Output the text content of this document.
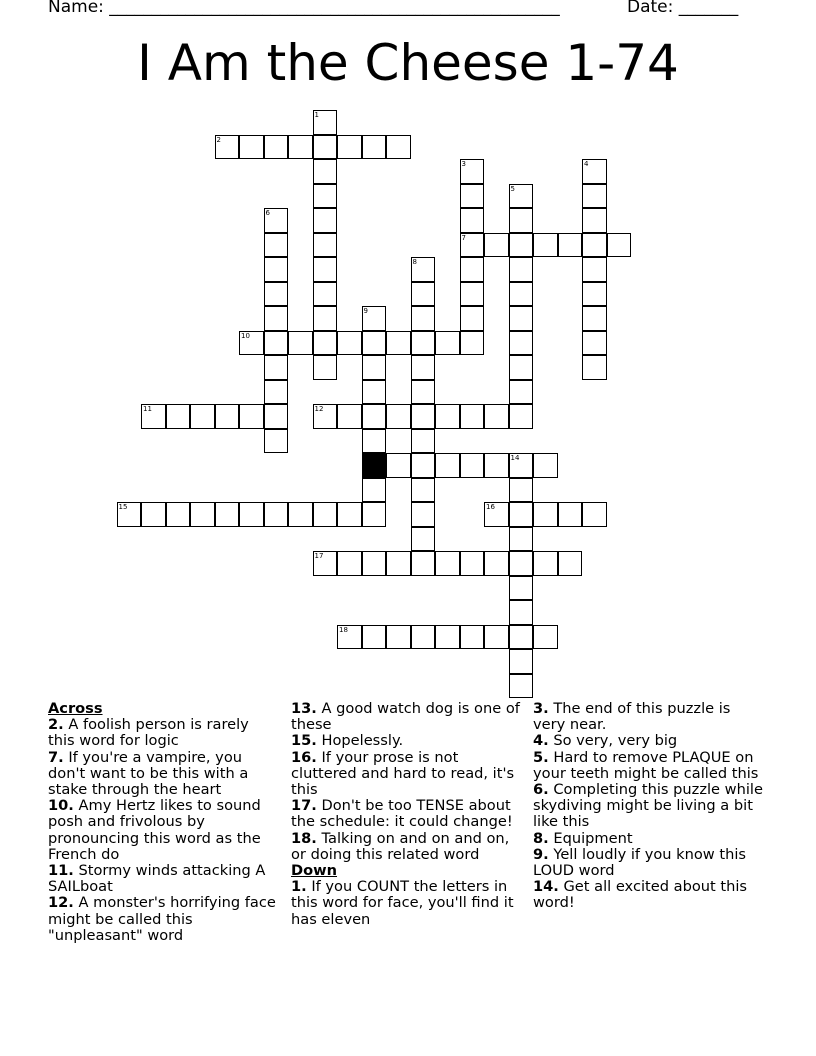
Name: _____________________________________________________	Date: _______
I Am the Cheese 1-74
1
2
3
7
4
5
6
8
9
10
11	12
14
15	16
17
18
Across
2. A foolish person is rarely this word for logic
7. If you're a vampire, you don't want to be this with a stake through the heart
10. Amy Hertz likes to sound posh and frivolous by pronouncing this word as the French do
11. Stormy winds attacking A SAILboat
12. A monster's horrifying face might be called this "unpleasant" word
13. A good watch dog is one of these
15. Hopelessly.
16. If your prose is not cluttered and hard to read, it's this
17. Don't be too TENSE about the schedule: it could change!
18. Talking on and on and on, or doing this related word
Down
1. If you COUNT the letters in this word for face, you'll find it has eleven
3. The end of this puzzle is very near.
4. So very, very big
5. Hard to remove PLAQUE on your teeth might be called this
6. Completing this puzzle while skydiving might be living a bit like this
8. Equipment
9. Yell loudly if you know this LOUD word
14. Get all excited about this word!
